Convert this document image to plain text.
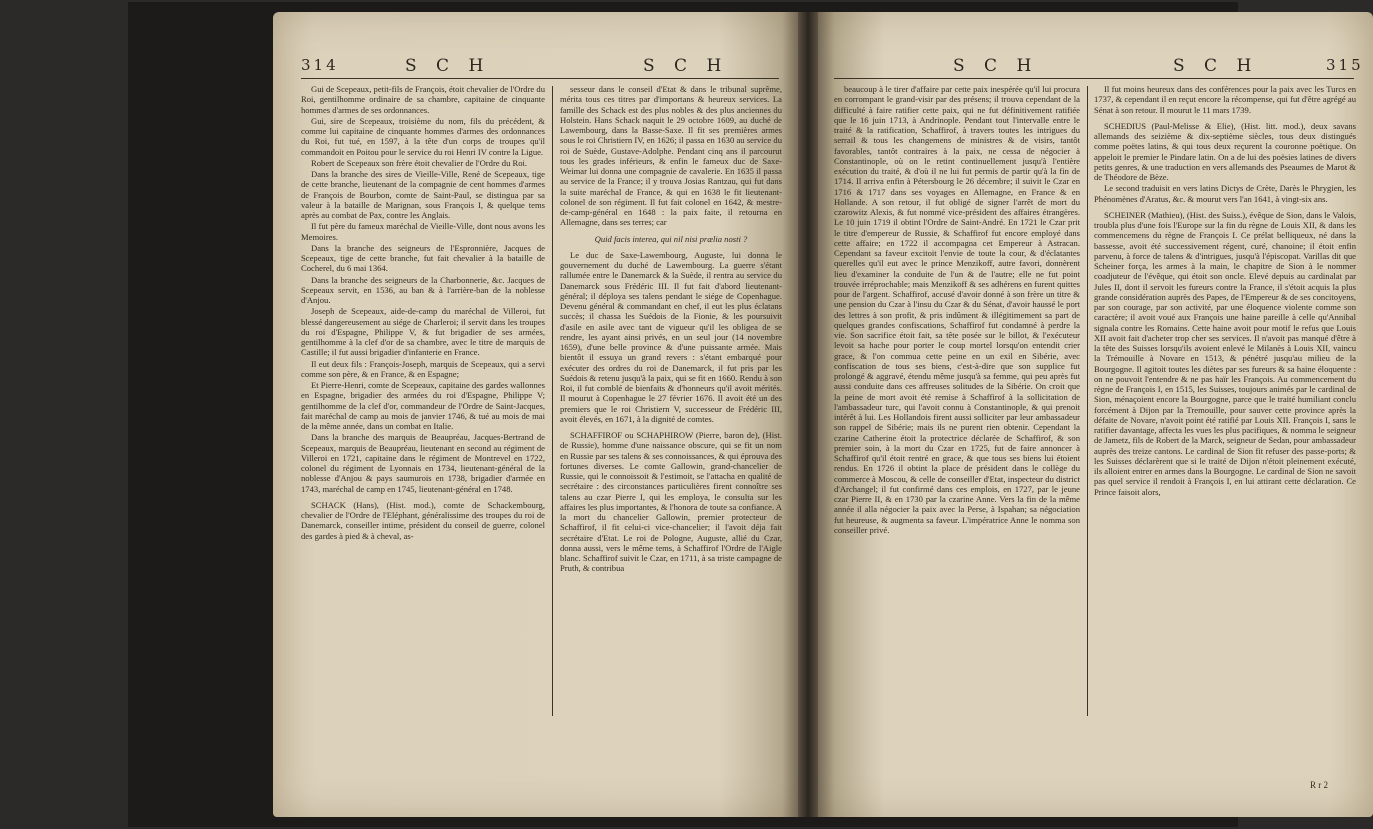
314	S C H	S C H

Gui de Scepeaux, petit-fils de François, étoit chevalier de l'Ordre du Roi, gentilhomme ordinaire de sa chambre, capitaine de cinquante hommes d'armes de ses ordonnances.

Gui, sire de Scepeaux, troisième du nom, fils du précédent, & comme lui capitaine de cinquante hommes d'armes des ordonnances du Roi, fut tué, en 1597, à la tête d'un corps de troupes qu'il commandoit en Poitou pour le service du roi Henri IV contre la Ligue.

Robert de Scepeaux son frère étoit chevalier de l'Ordre du Roi.

Dans la branche des sires de Vieille-Ville, René de Scepeaux, tige de cette branche, lieutenant de la compagnie de cent hommes d'armes de François de Bourbon, comte de Saint-Paul, se distingua par sa valeur à la bataille de Marignan, sous François I, & quelque tems après au combat de Pax, contre les Anglais.

Il fut père du fameux maréchal de Vieille-Ville, dont nous avons les Memoires.

Dans la branche des seigneurs de l'Espronnière, Jacques de Scepeaux, tige de cette branche, fut fait chevalier à la bataille de Cocherel, du 6 mai 1364.

Dans la branche des seigneurs de la Charbonnerie, &c. Jacques de Scepeaux servit, en 1536, au ban & à l'arrière-ban de la noblesse d'Anjou.

Joseph de Scepeaux, aide-de-camp du maréchal de Villeroi, fut blessé dangereusement au siége de Charleroi; il servit dans les troupes du roi d'Espagne, Philippe V, & fut brigadier de ses armées, gentilhomme à la clef d'or de sa chambre, avec le titre de marquis de Castille; il fut aussi brigadier d'infanterie en France.

Il eut deux fils : François-Joseph, marquis de Scepeaux, qui a servi comme son père, & en France, & en Espagne;

Et Pierre-Henri, comte de Scepeaux, capitaine des gardes wallonnes en Espagne, brigadier des armées du roi d'Espagne, Philippe V; gentilhomme de la clef d'or, commandeur de l'Ordre de Saint-Jacques, fait maréchal de camp au mois de janvier 1746, & tué au mois de mai de la même année, dans un combat en Italie.

Dans la branche des marquis de Beaupréau, Jacques-Bertrand de Scepeaux, marquis de Beaupréau, lieutenant en second au régiment de Villeroi en 1721, capitaine dans le régiment de Montrevel en 1722, colonel du régiment de Lyonnais en 1734, lieutenant-général de la noblesse d'Anjou & pays saumurois en 1738, brigadier d'armée en 1743, maréchal de camp en 1745, lieutenant-général en 1748.

SCHACK (Hans), (Hist. mod.), comte de Schackembourg, chevalier de l'Ordre de l'Eléphant, généralissime des troupes du roi de Danemarck, conseiller intime, président du conseil de guerre, colonel des gardes à pied & à cheval, as-

sesseur dans le conseil d'Etat & dans le tribunal suprême, mérita tous ces titres par d'importans & heureux services. La famille des Schack est des plus nobles & des plus anciennes du Holstein. Hans Schack naquit le 29 octobre 1609, au duché de Lawembourg, dans la Basse-Saxe. Il fit ses premières armes sous le roi Christiern IV, en 1626; il passa en 1630 au service du roi de Suède, Gustave-Adolphe. Pendant cinq ans il parcourut tous les grades inférieurs, & enfin le fameux duc de Saxe-Weimar lui donna une compagnie de cavalerie. En 1635 il passa au service de la France; il y trouva Josias Rantzau, qui fut dans la suite maréchal de France, & qui en 1638 le fit lieutenant-colonel de son régiment. Il fut fait colonel en 1642, & mestre-de-camp-général en 1648 : la paix faite, il retourna en Allemagne, dans ses terres; car

Quid facis interea, qui nil nisi prælia nosti ?

Le duc de Saxe-Lawembourg, Auguste, lui donna le gouvernement du duché de Lawembourg. La guerre s'étant rallumée entre le Danemarck & la Suède, il rentra au service du Danemarck sous Frédéric III. Il fut fait d'abord lieutenant-général; il déploya ses talens pendant le siége de Copenhague. Devenu général & commandant en chef, il eut les plus éclatans succès; il chassa les Suédois de la Fionie, & les poursuivit d'asile en asile avec tant de vigueur qu'il les obligea de se rendre, les ayant ainsi privés, en un seul jour (14 novembre 1659), d'une belle province & d'une puissante armée. Mais bientôt il essuya un grand revers : s'étant embarqué pour exécuter des ordres du roi de Danemarck, il fut pris par les Suédois & retenu jusqu'à la paix, qui se fit en 1660. Rendu à son Roi, il fut comblé de bienfaits & d'honneurs qu'il avoit mérités. Il mourut à Copenhague le 27 février 1676. Il avoit été un des premiers que le roi Christiern V, successeur de Frédéric III, avoit élevés, en 1671, à la dignité de comtes.

SCHAFFIROF ou SCHAPHIROW (Pierre, baron de), (Hist. de Russie), homme d'une naissance obscure, qui se fit un nom en Russie par ses talens & ses connoissances, & qui éprouva des fortunes diverses. Le comte Gallowin, grand-chancelier de Russie, qui le connoissoit & l'estimoit, se l'attacha en qualité de secrétaire : des circonstances particulières firent connoître ses talens au czar Pierre I, qui les employa, le consulta sur les affaires les plus importantes, & l'honora de toute sa confiance. A la mort du chancelier Gallowin, premier protecteur de Schaffirof, il fit celui-ci vice-chancelier; il l'avoit déja fait secrétaire d'Etat. Le roi de Pologne, Auguste, allié du Czar, donna aussi, vers le même tems, à Schaffirof l'Ordre de l'Aigle blanc. Schaffirof suivit le Czar, en 1711, à sa triste campagne de Pruth, & contribua

S C H	S C H	315

beaucoup à le tirer d'affaire par cette paix inespérée qu'il lui procura en corrompant le grand-visir par des présens; il trouva cependant de la difficulté à faire ratifier cette paix, qui ne fut définitivement ratifiée que le 16 juin 1713, à Andrinople. Pendant tout l'intervalle entre le traité & la ratification, Schaffirof, à travers toutes les intrigues du serrail & tous les changemens de ministres & de visirs, tantôt favorables, tantôt contraires à la paix, ne cessa de négocier à Constantinople, où on le retint continuellement jusqu'à l'entière exécution du traité, & d'où il ne lui fut permis de partir qu'à la fin de 1714. Il arriva enfin à Pétersbourg le 26 décembre; il suivit le Czar en 1716 & 1717 dans ses voyages en Allemagne, en France & en Hollande. A son retour, il fut obligé de signer l'arrêt de mort du czarowitz Alexis, & fut nommé vice-président des affaires étrangères. Le 10 juin 1719 il obtint l'Ordre de Saint-André. En 1721 le Czar prit le titre d'empereur de Russie, & Schaffirof fut encore employé dans cette affaire; en 1722 il accompagna cet Empereur à Astracan. Cependant sa faveur excitoit l'envie de toute la cour, & d'éclatantes querelles qu'il eut avec le prince Menzikoff, autre favori, donnèrent lieu d'examiner la conduite de l'un & de l'autre; elle ne fut point trouvée irréprochable; mais Menzikoff & ses adhérens en furent quittes pour de l'argent. Schaffirof, accusé d'avoir donné à son frère un titre & une pension du Czar à l'insu du Czar & du Sénat, d'avoir haussé le port des lettres à son profit, & pris indûment & illégitimement sa part de quelques grandes confiscations, Schaffirof fut condamné à perdre la vie. Son sacrifice étoit fait, sa tête posée sur le billot, & l'exécuteur levoit sa hache pour porter le coup mortel lorsqu'on entendit crier grace, & l'on commua cette peine en un exil en Sibérie, avec confiscation de tous ses biens, c'est-à-dire que son supplice fut prolongé & aggravé, étendu même jusqu'à sa femme, qui peu après fut aussi conduite dans ces affreuses solitudes de la Sibérie. On croit que la peine de mort avoit été remise à Schaffirof à la sollicitation de l'ambassadeur turc, qui l'avoit connu à Constantinople, & qui prenoit intérêt à lui. Les Hollandois firent aussi solliciter par leur ambassadeur son rappel de Sibérie; mais ils ne purent rien obtenir. Cependant la czarine Catherine étoit la protectrice déclarée de Schaffirof, & son premier soin, à la mort du Czar en 1725, fut de faire annoncer à Schaffirof qu'il étoit rentré en grace, & que tous ses biens lui étoient rendus. En 1726 il obtint la place de président dans le collège du commerce à Moscou, & celle de conseiller d'Etat, inspecteur du district d'Archangel; il fut confirmé dans ces emplois, en 1727, par le jeune czar Pierre II, & en 1730 par la czarine Anne. Vers la fin de la même année il alla négocier la paix avec la Perse, à Ispahan; sa négociation fut heureuse, & augmenta sa faveur. L'impératrice Anne le nomma son conseiller privé.

Il fut moins heureux dans des conférences pour la paix avec les Turcs en 1737, & cependant il en reçut encore la récompense, qui fut d'être agrégé au Sénat à son retour. Il mourut le 11 mars 1739.

SCHEDIUS (Paul-Melisse & Elie), (Hist. litt. mod.), deux savans allemands des seizième & dix-septième siècles, tous deux distingués comme poëtes latins, & qui tous deux reçurent la couronne poëtique. On appeloit le premier le Pindare latin. On a de lui des poësies latines de divers petits genres, & une traduction en vers allemands des Pseaumes de Marot & de Théodore de Bèze.

Le second traduisit en vers latins Dictys de Crète, Darès le Phrygien, les Phénomènes d'Aratus, &c. & mourut vers l'an 1641, à vingt-six ans.

SCHEINER (Mathieu), (Hist. des Suiss.), évêque de Sion, dans le Valois, troubla plus d'une fois l'Europe sur la fin du règne de Louis XII, & dans les commencemens du règne de François I. Ce prélat belliqueux, né dans la bassesse, avoit été successivement régent, curé, chanoine; il étoit enfin parvenu, à force de talens & d'intrigues, jusqu'à l'épiscopat. Varillas dit que Scheiner força, les armes à la main, le chapitre de Sion à le nommer coadjuteur de l'évêque, qui étoit son oncle. Elevé depuis au cardinalat par Jules II, dont il servoit les fureurs contre la France, il s'étoit acquis la plus grande considération auprès des Papes, de l'Empereur & de ses concitoyens, par son courage, par son activité, par une éloquence violente comme son caractère; il avoit voué aux François une haine pareille à celle qu'Annibal signala contre les Romains. Cette haine avoit pour motif le refus que Louis XII avoit fait d'acheter trop cher ses services. Il n'avoit pas manqué d'être à la tête des Suisses lorsqu'ils avoient enlevé le Milanès à Louis XII, vaincu la Trémouille à Novare en 1513, & pénétré jusqu'au milieu de la Bourgogne. Il agitoit toutes les diètes par ses fureurs & sa haine éloquente : on ne pouvoit l'entendre & ne pas haïr les François. Au commencement du règne de François I, en 1515, les Suisses, toujours animés par le cardinal de Sion, ménaçoient encore la Bourgogne, parce que le traité humiliant conclu forcément à Dijon par la Tremouille, pour sauver cette province après la défaite de Novare, n'avoit point été ratifié par Louis XII. François I, sans le ratifier davantage, affecta les vues les plus pacifiques, & nomma le seigneur de Jametz, fils de Robert de la Marck, seigneur de Sedan, pour ambassadeur auprès des treize cantons. Le cardinal de Sion fit refuser des passe-ports; & les Suisses déclarèrent que si le traité de Dijon n'étoit pleinement exécuté, ils alloient entrer en armes dans la Bourgogne. Le cardinal de Sion ne savoit pas quel service il rendoit à François I, en lui attirant cette déclaration. Ce Prince faisoit alors,

R r 2
